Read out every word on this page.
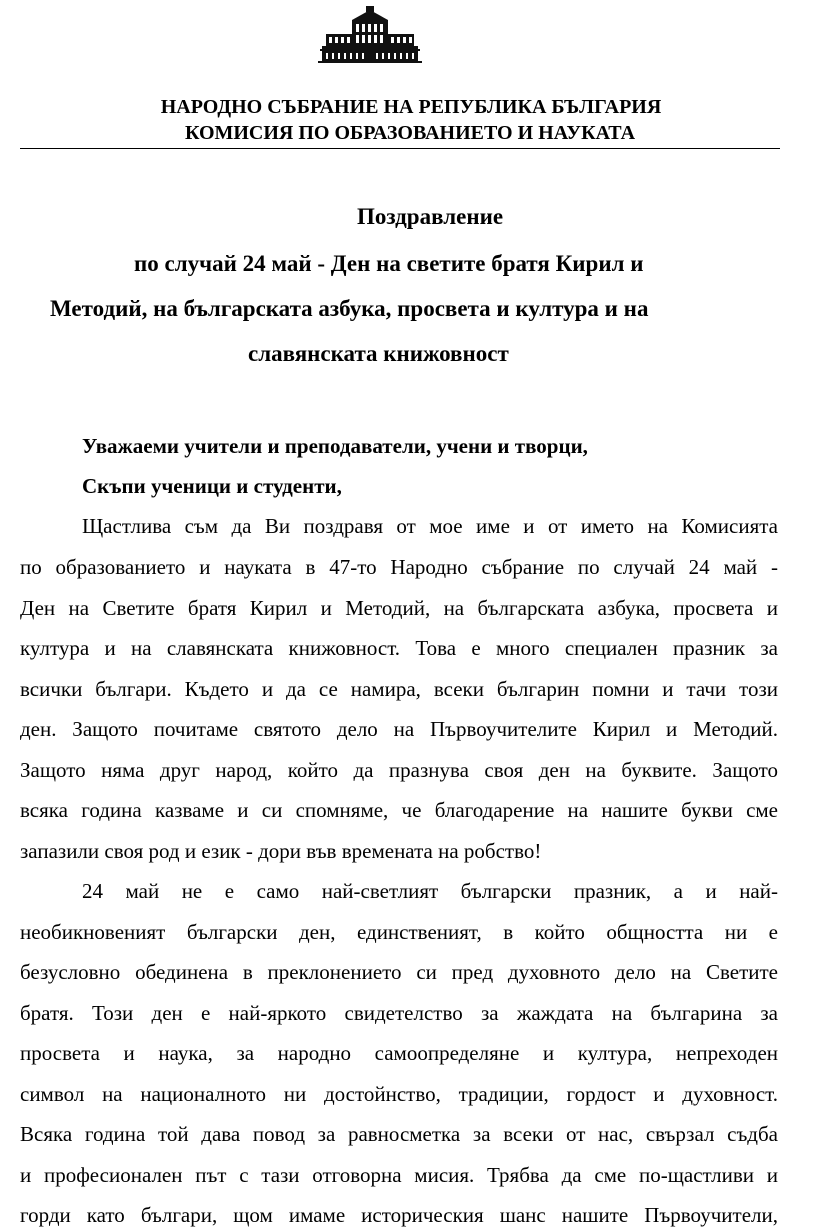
НАРОДНО СЪБРАНИЕ НА РЕПУБЛИКА БЪЛГАРИЯ
КОМИСИЯ ПО ОБРАЗОВАНИЕТО И НАУКАТА
Поздравление
по случай 24 май - Ден на светите братя Кирил и
Методий, на българската азбука, просвета и култура и на
славянската книжовност
Уважаеми учители и преподаватели, учени и творци,
Скъпи ученици и студенти,
Щастлива съм да Ви поздравя от мое име и от името на Комисията
по образованието и науката в 47-то Народно събрание по случай 24 май -
Ден на Светите братя Кирил и Методий, на българската азбука, просвета и
култура и на славянската книжовност. Това е много специален празник за
всички българи. Където и да се намира, всеки българин помни и тачи този
ден. Защото почитаме святото дело на Първоучителите Кирил и Методий.
Защото няма друг народ, който да празнува своя ден на буквите. Защото
всяка година казваме и си спомняме, че благодарение на нашите букви сме
запазили своя род и език - дори във времената на робство!
24 май не е само най-светлият български празник, а и най-
необикновеният български ден, единственият, в който общността ни е
безусловно обединена в преклонението си пред духовното дело на Светите
братя. Този ден е най-яркото свидетелство за жаждата на българина за
просвета и наука, за народно самоопределяне и култура, непреходен
символ на националното ни достойнство, традиции, гордост и духовност.
Всяка година той дава повод за равносметка за всеки от нас, свързал съдба
и професионален път с тази отговорна мисия. Трябва да сме по-щастливи и
горди като българи, щом имаме историческия шанс нашите Първоучители,
